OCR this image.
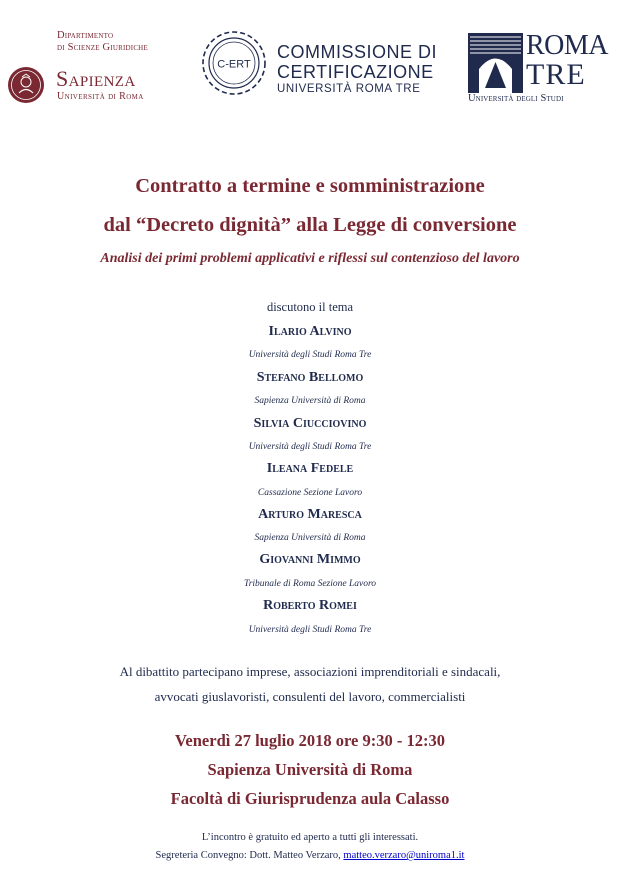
Dipartimento
di Scienze Giuridiche
Sapienza
Università di Roma
C-ERT
COMMISSIONE DI
CERTIFICAZIONE
UNIVERSITÀ ROMA TRE
ROMA
TRE
Università degli Studi
Contratto a termine e somministrazione
dal “Decreto dignità” alla Legge di conversione
Analisi dei primi problemi applicativi e riflessi sul contenzioso del lavoro
discutono il tema
Ilario Alvino
Università degli Studi Roma Tre
Stefano Bellomo
Sapienza Università di Roma
Silvia Ciucciovino
Università degli Studi Roma Tre
Ileana Fedele
Cassazione Sezione Lavoro
Arturo Maresca
Sapienza Università di Roma
Giovanni Mimmo
Tribunale di Roma Sezione Lavoro
Roberto Romei
Università degli Studi Roma Tre
Al dibattito partecipano imprese, associazioni imprenditoriali e sindacali,
avvocati giuslavoristi, consulenti del lavoro, commercialisti
Venerdì 27 luglio 2018 ore 9:30 - 12:30
Sapienza Università di Roma
Facoltà di Giurisprudenza aula Calasso
L’incontro è gratuito ed aperto a tutti gli interessati.
Segreteria Convegno: Dott. Matteo Verzaro, matteo.verzaro@uniroma1.it
